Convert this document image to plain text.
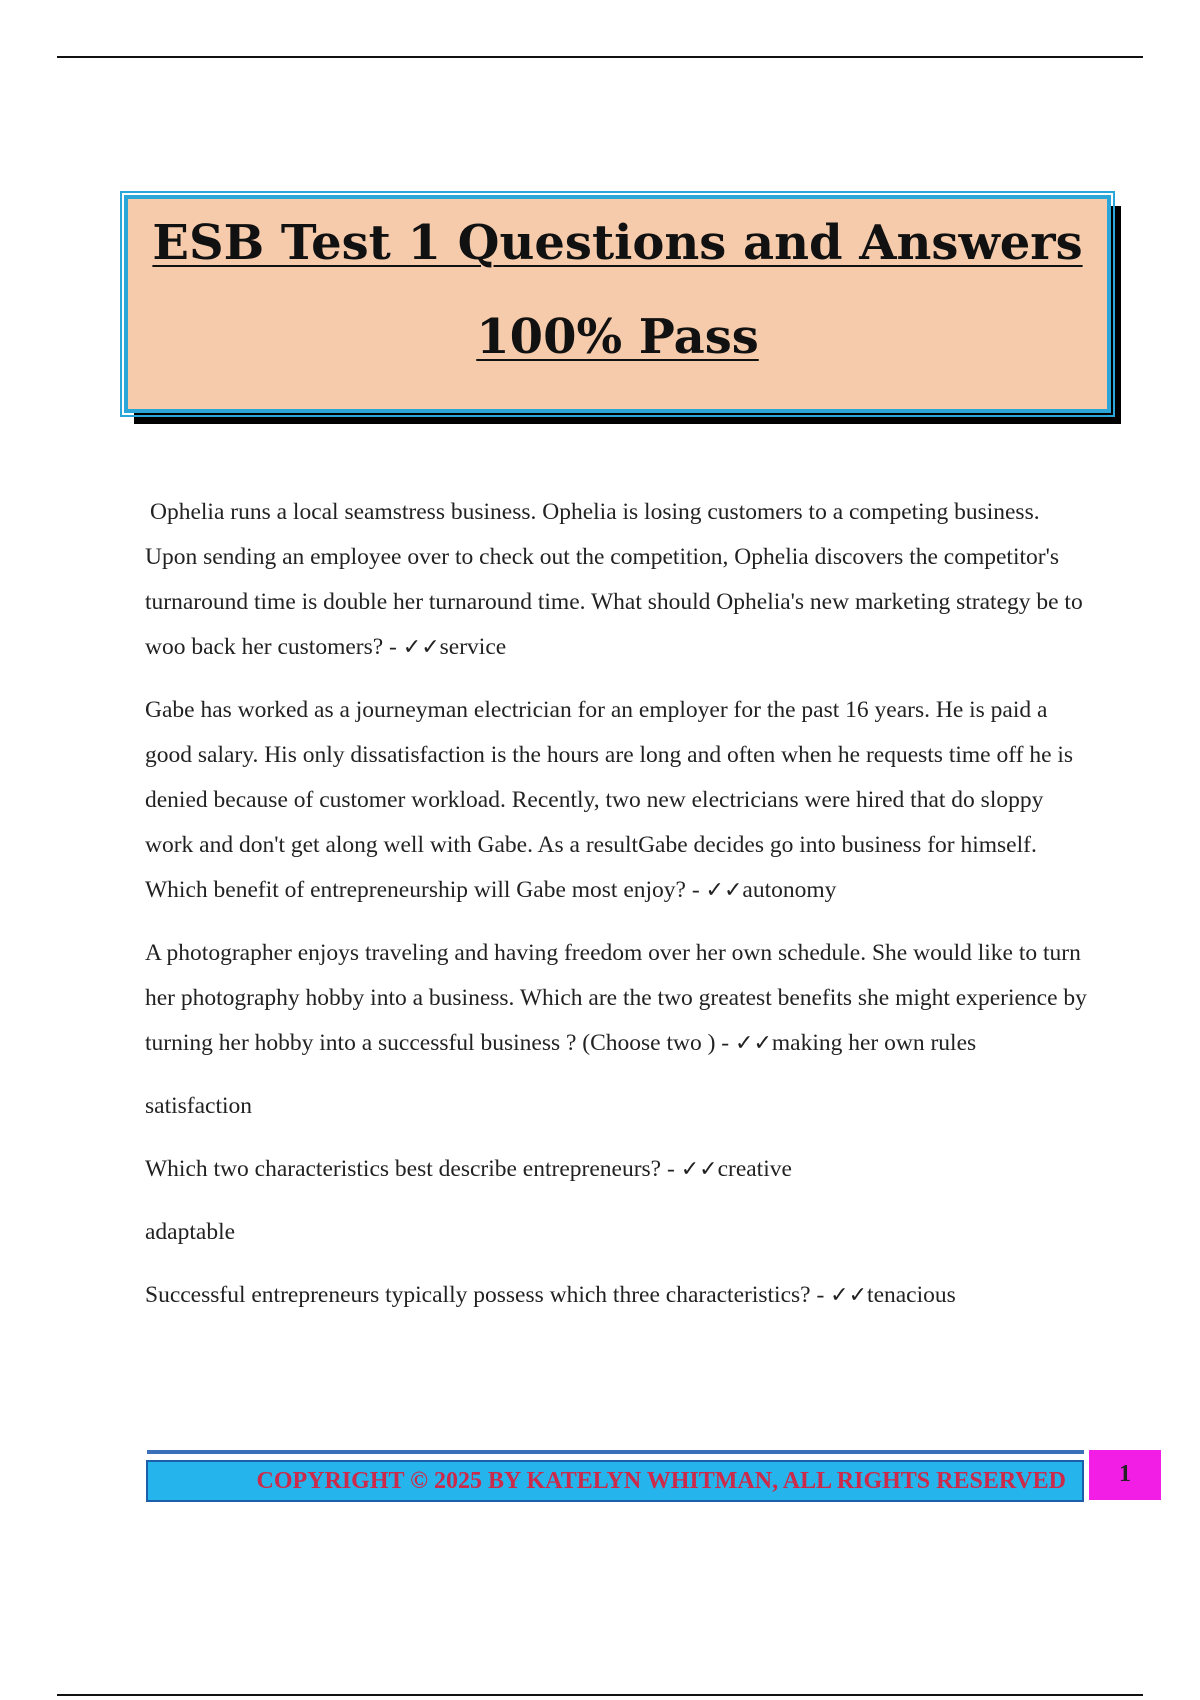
ESB Test 1 Questions and Answers
100% Pass

Ophelia runs a local seamstress business. Ophelia is losing customers to a competing business. Upon sending an employee over to check out the competition, Ophelia discovers the competitor's turnaround time is double her turnaround time. What should Ophelia's new marketing strategy be to woo back her customers? - ✓✓service

Gabe has worked as a journeyman electrician for an employer for the past 16 years. He is paid a good salary. His only dissatisfaction is the hours are long and often when he requests time off he is denied because of customer workload. Recently, two new electricians were hired that do sloppy work and don't get along well with Gabe. As a resultGabe decides go into business for himself. Which benefit of entrepreneurship will Gabe most enjoy? - ✓✓autonomy

A photographer enjoys traveling and having freedom over her own schedule. She would like to turn her photography hobby into a business. Which are the two greatest benefits she might experience by turning her hobby into a successful business ? (Choose two ) - ✓✓making her own rules

satisfaction

Which two characteristics best describe entrepreneurs? - ✓✓creative

adaptable

Successful entrepreneurs typically possess which three characteristics? - ✓✓tenacious

COPYRIGHT © 2025 BY KATELYN WHITMAN, ALL RIGHTS RESERVED	1
